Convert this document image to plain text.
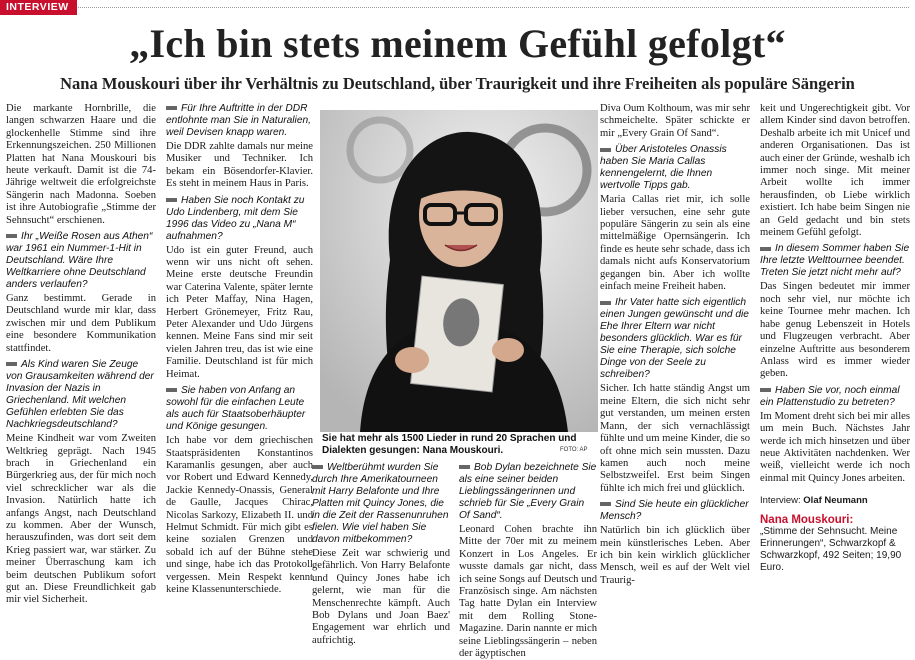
INTERVIEW
„Ich bin stets meinem Gefühl gefolgt“
Nana Mouskouri über ihr Verhältnis zu Deutschland, über Traurigkeit und ihre Freiheiten als populäre Sängerin
Die markante Hornbrille, die langen schwarzen Haare und die glockenhelle Stimme sind ihre Erkennungszeichen. 250 Millionen Platten hat Nana Mouskouri bis heute verkauft. Damit ist die 74-Jährige weltweit die erfolgreichste Sängerin nach Madonna. Soeben ist ihre Autobiografie „Stimme der Sehnsucht“ erschienen.
Ihr „Weiße Rosen aus Athen“ war 1961 ein Nummer-1-Hit in Deutschland. Wäre Ihre Weltkarriere ohne Deutschland anders verlaufen?
Ganz bestimmt. Gerade in Deutschland wurde mir klar, dass zwischen mir und dem Publikum eine besondere Kommunikation stattfindet.
Als Kind waren Sie Zeuge von Grausamkeiten während der Invasion der Nazis in Griechenland. Mit welchen Gefühlen erlebten Sie das Nachkriegsdeutschland?
Meine Kindheit war vom Zweiten Weltkrieg geprägt. Nach 1945 brach in Griechenland ein Bürgerkrieg aus, der für mich noch viel schrecklicher war als die Invasion. Natürlich hatte ich anfangs Angst, nach Deutschland zu kommen. Aber der Wunsch, herauszufinden, was dort seit dem Krieg passiert war, war stärker. Zu meiner Überraschung kam ich beim deutschen Publikum sofort gut an. Diese Freundlichkeit gab mir viel Sicherheit.
Für Ihre Auftritte in der DDR entlohnte man Sie in Naturalien, weil Devisen knapp waren.
Die DDR zahlte damals nur meine Musiker und Techniker. Ich bekam ein Bösendorfer-Klavier. Es steht in meinem Haus in Paris.
Haben Sie noch Kontakt zu Udo Lindenberg, mit dem Sie 1996 das Video zu „Nana M“ aufnahmen?
Udo ist ein guter Freund, auch wenn wir uns nicht oft sehen. Meine erste deutsche Freundin war Caterina Valente, später lernte ich Peter Maffay, Nina Hagen, Herbert Grönemeyer, Fritz Rau, Peter Alexander und Udo Jürgens kennen. Meine Fans sind mir seit vielen Jahren treu, das ist wie eine Familie. Deutschland ist für mich Heimat.
Sie haben von Anfang an sowohl für die einfachen Leute als auch für Staatsoberhäupter und Könige gesungen.
Ich habe vor dem griechischen Staatspräsidenten Konstantinos Karamanlis gesungen, aber auch vor Robert und Edward Kennedy, Jackie Kennedy-Onassis, General de Gaulle, Jacques Chirac, Nicolas Sarkozy, Elizabeth II. und Helmut Schmidt. Für mich gibt es keine sozialen Grenzen und sobald ich auf der Bühne stehe und singe, habe ich das Protokoll vergessen. Mein Respekt kennt keine Klassenunterschiede.
Sie hat mehr als 1500 Lieder in rund 20 Sprachen und Dialekten gesungen: Nana Mouskouri.	FOTO: AP
Weltberühmt wurden Sie durch Ihre Amerikatourneen mit Harry Belafonte und Ihre Platten mit Quincy Jones, die in die Zeit der Rassenunruhen fielen. Wie viel haben Sie davon mitbekommen?
Diese Zeit war schwierig und gefährlich. Von Harry Belafonte und Quincy Jones habe ich gelernt, wie man für die Menschenrechte kämpft. Auch Bob Dylans und Joan Baez' Engagement war ehrlich und aufrichtig.
Bob Dylan bezeichnete Sie als eine seiner beiden Lieblingssängerinnen und schrieb für Sie „Every Grain Of Sand“.
Leonard Cohen brachte ihn Mitte der 70er mit zu meinem Konzert in Los Angeles. Er wusste damals gar nicht, dass ich seine Songs auf Deutsch und Französisch singe. Am nächsten Tag hatte Dylan ein Interview mit dem Rolling Stone-Magazine. Darin nannte er mich seine Lieblingssängerin – neben der ägyptischen
Diva Oum Kolthoum, was mir sehr schmeichelte. Später schickte er mir „Every Grain Of Sand“.
Über Aristoteles Onassis haben Sie Maria Callas kennengelernt, die Ihnen wertvolle Tipps gab.
Maria Callas riet mir, ich solle lieber versuchen, eine sehr gute populäre Sängerin zu sein als eine mittelmäßige Opernsängerin. Ich finde es heute sehr schade, dass ich damals nicht aufs Konservatorium gegangen bin. Aber ich wollte einfach meine Freiheit haben.
Ihr Vater hatte sich eigentlich einen Jungen gewünscht und die Ehe Ihrer Eltern war nicht besonders glücklich. War es für Sie eine Therapie, sich solche Dinge von der Seele zu schreiben?
Sicher. Ich hatte ständig Angst um meine Eltern, die sich nicht sehr gut verstanden, um meinen ersten Mann, der sich vernachlässigt fühlte und um meine Kinder, die so oft ohne mich sein mussten. Dazu kamen auch noch meine Selbstzweifel. Erst beim Singen fühlte ich mich frei und glücklich.
Sind Sie heute ein glücklicher Mensch?
Natürlich bin ich glücklich über mein künstlerisches Leben. Aber ich bin kein wirklich glücklicher Mensch, weil es auf der Welt viel Traurig-
keit und Ungerechtigkeit gibt. Vor allem Kinder sind davon betroffen. Deshalb arbeite ich mit Unicef und anderen Organisationen. Das ist auch einer der Gründe, weshalb ich immer noch singe. Mit meiner Arbeit wollte ich immer herausfinden, ob Liebe wirklich existiert. Ich habe beim Singen nie an Geld gedacht und bin stets meinem Gefühl gefolgt.
In diesem Sommer haben Sie Ihre letzte Welttournee beendet. Treten Sie jetzt nicht mehr auf?
Das Singen bedeutet mir immer noch sehr viel, nur möchte ich keine Tournee mehr machen. Ich habe genug Lebenszeit in Hotels und Flugzeugen verbracht. Aber einzelne Auftritte aus besonderem Anlass wird es immer wieder geben.
Haben Sie vor, noch einmal ein Plattenstudio zu betreten?
Im Moment dreht sich bei mir alles um mein Buch. Nächstes Jahr werde ich mich hinsetzen und über neue Aktivitäten nachdenken. Wer weiß, vielleicht werde ich noch einmal mit Quincy Jones arbeiten.
Interview: Olaf Neumann
Nana Mouskouri:
„Stimme der Sehnsucht. Meine Erinnerungen“, Schwarzkopf & Schwarzkopf, 492 Seiten; 19,90 Euro.
